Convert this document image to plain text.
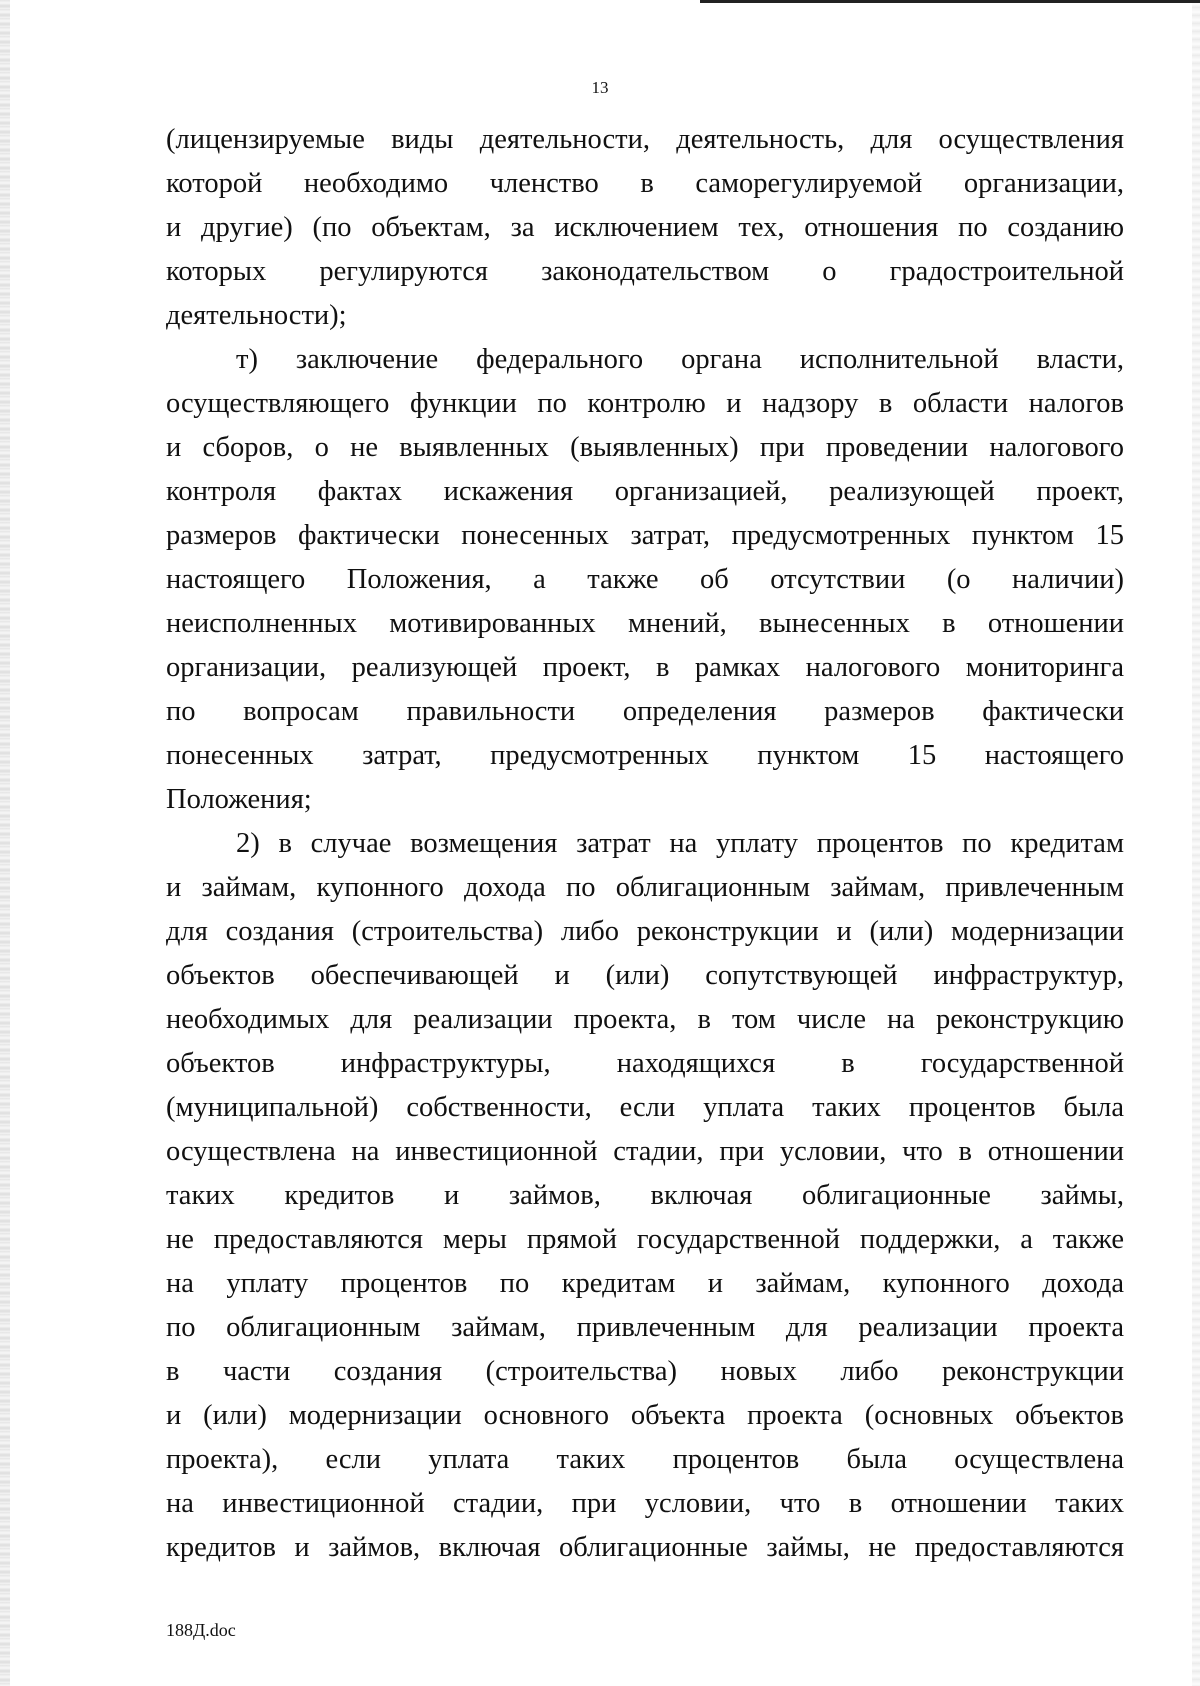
13
(лицензируемые виды деятельности, деятельность, для осуществления
которой необходимо членство в саморегулируемой организации,
и другие) (по объектам, за исключением тех, отношения по созданию
которых регулируются законодательством о градостроительной
деятельности);
т) заключение федерального органа исполнительной власти,
осуществляющего функции по контролю и надзору в области налогов
и сборов, о не выявленных (выявленных) при проведении налогового
контроля фактах искажения организацией, реализующей проект,
размеров фактически понесенных затрат, предусмотренных пунктом 15
настоящего Положения, а также об отсутствии (о наличии)
неисполненных мотивированных мнений, вынесенных в отношении
организации, реализующей проект, в рамках налогового мониторинга
по вопросам правильности определения размеров фактически
понесенных затрат, предусмотренных пунктом 15 настоящего
Положения;
2) в случае возмещения затрат на уплату процентов по кредитам
и займам, купонного дохода по облигационным займам, привлеченным
для создания (строительства) либо реконструкции и (или) модернизации
объектов обеспечивающей и (или) сопутствующей инфраструктур,
необходимых для реализации проекта, в том числе на реконструкцию
объектов инфраструктуры, находящихся в государственной
(муниципальной) собственности, если уплата таких процентов была
осуществлена на инвестиционной стадии, при условии, что в отношении
таких кредитов и займов, включая облигационные займы,
не предоставляются меры прямой государственной поддержки, а также
на уплату процентов по кредитам и займам, купонного дохода
по облигационным займам, привлеченным для реализации проекта
в части создания (строительства) новых либо реконструкции
и (или) модернизации основного объекта проекта (основных объектов
проекта), если уплата таких процентов была осуществлена
на инвестиционной стадии, при условии, что в отношении таких
кредитов и займов, включая облигационные займы, не предоставляются
188Д.doc
